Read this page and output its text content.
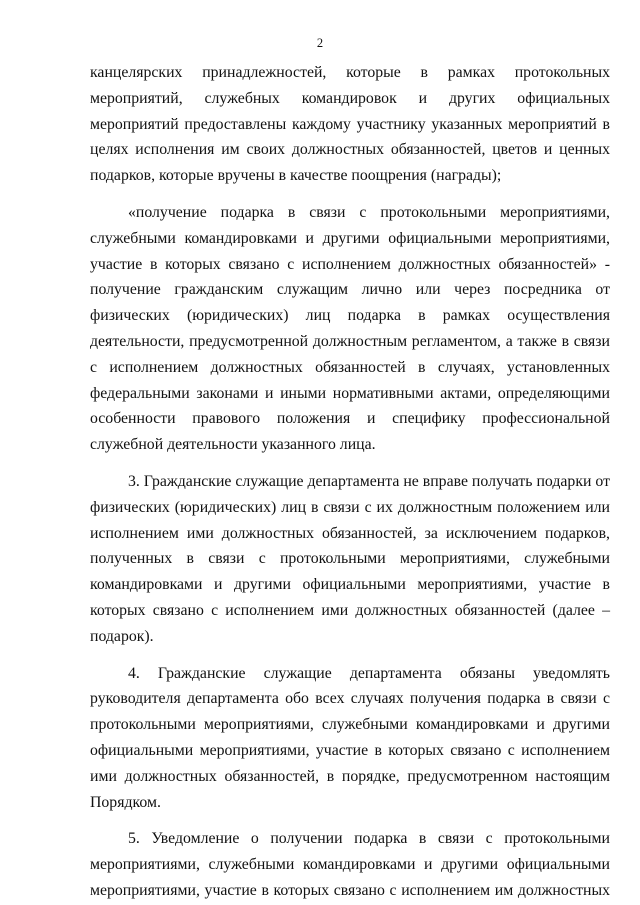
2

канцелярских принадлежностей, которые в рамках протокольных мероприятий, служебных командировок и других официальных мероприятий предоставлены каждому участнику указанных мероприятий в целях исполнения им своих должностных обязанностей, цветов и ценных подарков, которые вручены в качестве поощрения (награды);

«получение подарка в связи с протокольными мероприятиями, служебными командировками и другими официальными мероприятиями, участие в которых связано с исполнением должностных обязанностей» - получение гражданским служащим лично или через посредника от физических (юридических) лиц подарка в рамках осуществления деятельности, предусмотренной должностным регламентом, а также в связи с исполнением должностных обязанностей в случаях, установленных федеральными законами и иными нормативными актами, определяющими особенности правового положения и специфику профессиональной служебной деятельности указанного лица.

3. Гражданские служащие департамента не вправе получать подарки от физических (юридических) лиц в связи с их должностным положением или исполнением ими должностных обязанностей, за исключением подарков, полученных в связи с протокольными мероприятиями, служебными командировками и другими официальными мероприятиями, участие в которых связано с исполнением ими должностных обязанностей (далее – подарок).

4. Гражданские служащие департамента обязаны уведомлять руководителя департамента обо всех случаях получения подарка в связи с протокольными мероприятиями, служебными командировками и другими официальными мероприятиями, участие в которых связано с исполнением ими должностных обязанностей, в порядке, предусмотренном настоящим Порядком.

5. Уведомление о получении подарка в связи с протокольными мероприятиями, служебными командировками и другими официальными мероприятиями, участие в которых связано с исполнением им должностных
